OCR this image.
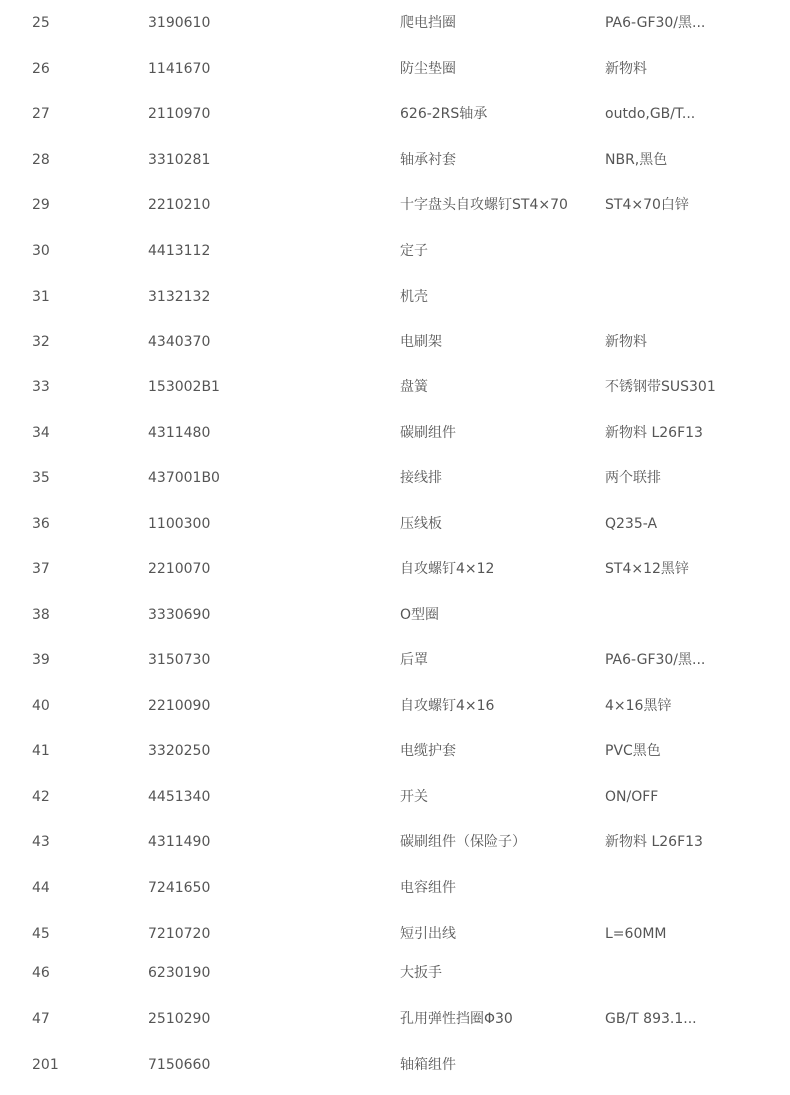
25	3190610	爬电挡圈	PA6-GF30/黑...
26	1141670	防尘垫圈	新物料
27	2110970	626-2RS轴承	outdo,GB/T...
28	3310281	轴承衬套	NBR,黑色
29	2210210	十字盘头自攻螺钉ST4×70	ST4×70白锌
30	4413112	定子
31	3132132	机壳
32	4340370	电刷架	新物料
33	153002B1	盘簧	不锈钢带SUS301
34	4311480	碳刷组件	新物料 L26F13
35	437001B0	接线排	两个联排
36	1100300	压线板	Q235-A
37	2210070	自攻螺钉4×12	ST4×12黑锌
38	3330690	O型圈
39	3150730	后罩	PA6-GF30/黑...
40	2210090	自攻螺钉4×16	4×16黑锌
41	3320250	电缆护套	PVC黑色
42	4451340	开关	ON/OFF
43	4311490	碳刷组件（保险子）	新物料 L26F13
44	7241650	电容组件
45	7210720	短引出线	L=60MM
46	6230190	大扳手
47	2510290	孔用弹性挡圈Φ30	GB/T 893.1...
201	7150660	轴箱组件
